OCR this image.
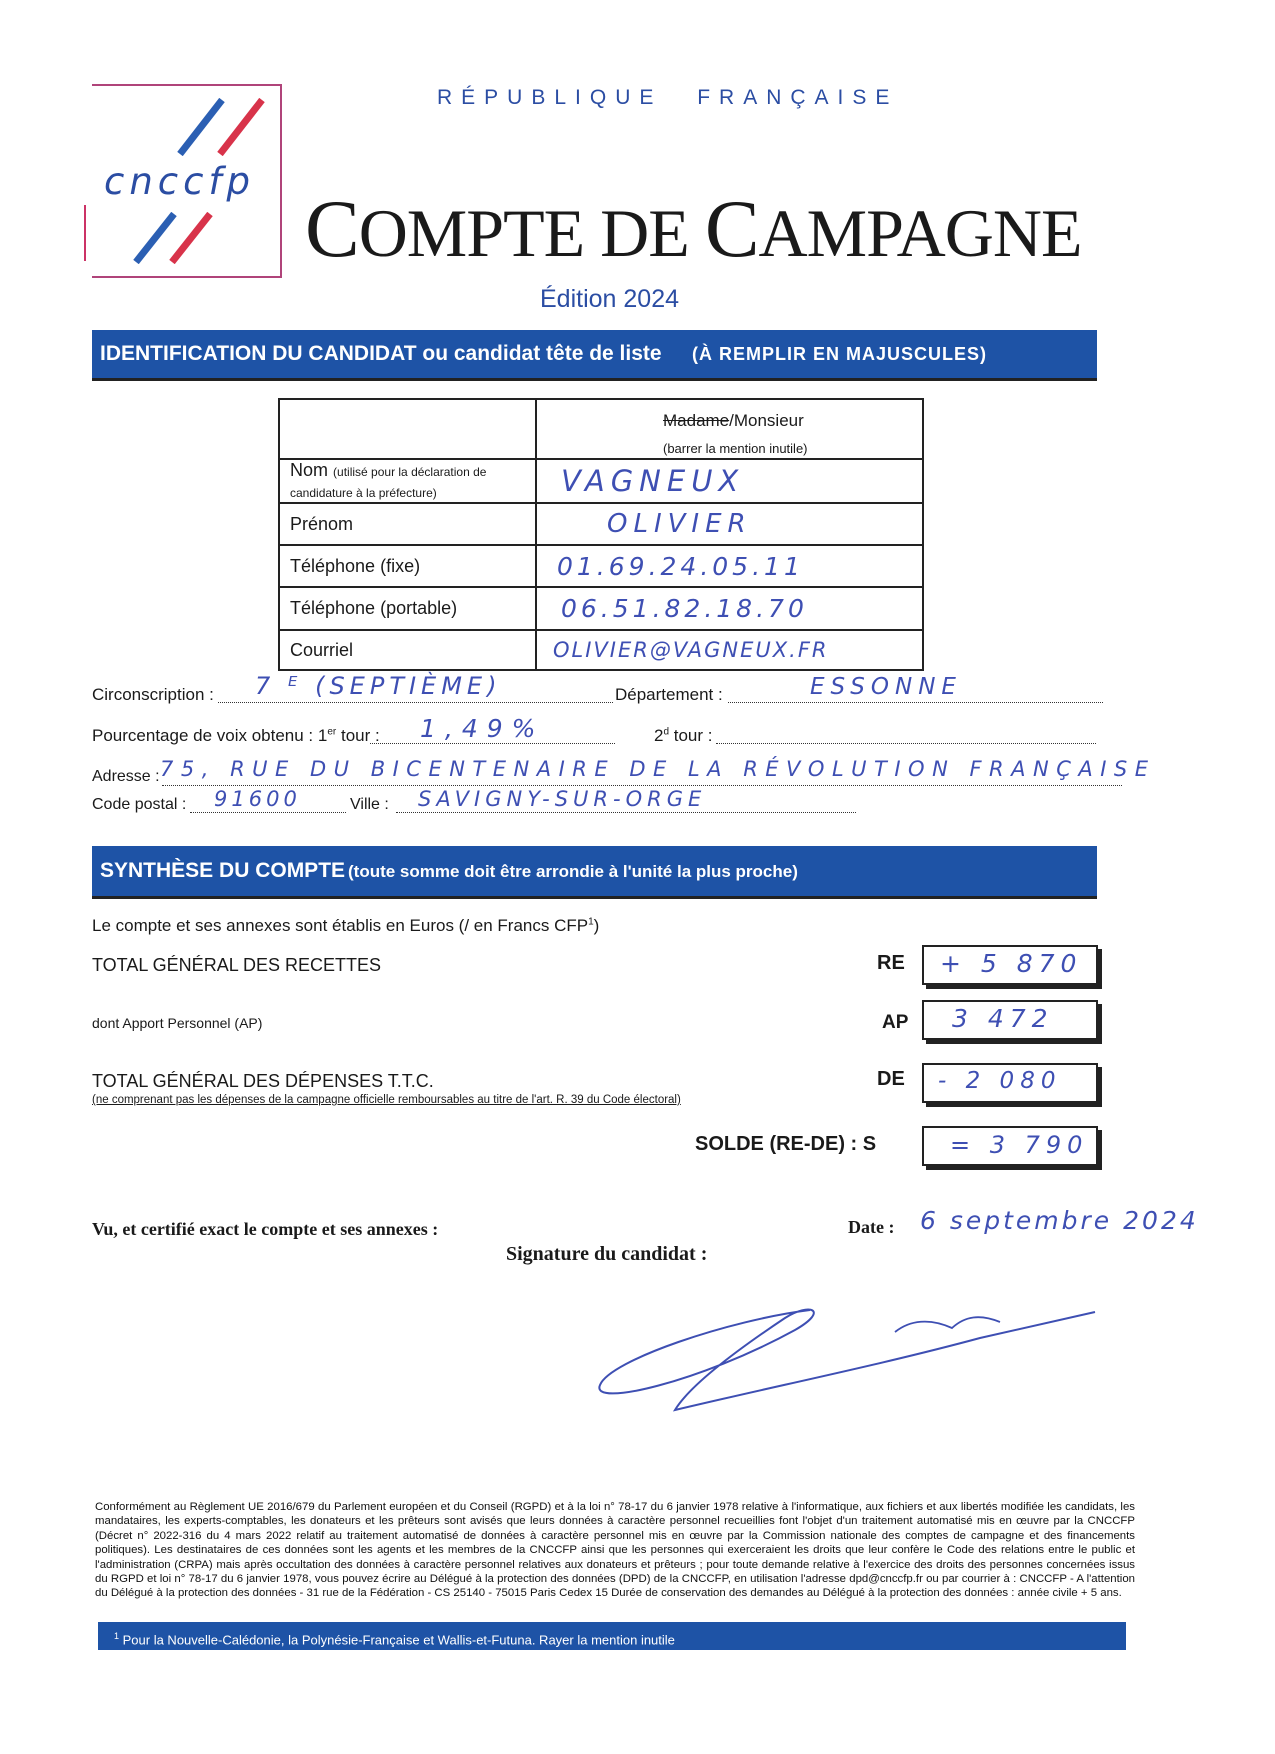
cnccfp
RÉPUBLIQUE FRANÇAISE
COMPTE DE CAMPAGNE
Édition 2024
IDENTIFICATION DU CANDIDAT ou candidat tête de liste (À REMPLIR EN MAJUSCULES)

	Madame/Monsieur
(barrer la mention inutile)

Nom (utilisé pour la déclaration de candidature à la préfecture)	VAGNEUX
Prénom	OLIVIER
Téléphone (fixe)	01.69.24.05.11
Téléphone (portable)	06.51.82.18.70
Courriel	OLIVIER@VAGNEUX.FR
Circonscription : 7 ᴱ (SEPTIÈME)	Département :	ESSONNE
Pourcentage de voix obtenu : 1er tour : 1,49%	2$^d$ tour :
Adresse : 75, RUE DU BICENTENAIRE DE LA RÉVOLUTION FRANÇAISE
Code postal : 91600	Ville : SAVIGNY-SUR-ORGE
SYNTHÈSE DU COMPTE (toute somme doit être arrondie à l'unité la plus proche)
Le compte et ses annexes sont établis en Euros (/ en Francs CFP$^1$)
TOTAL GÉNÉRAL DES RECETTES	RE + 5 870
dont Apport Personnel (AP)	AP 3 472
TOTAL GÉNÉRAL DES DÉPENSES T.T.C.
(ne comprenant pas les dépenses de la campagne officielle remboursables au titre de l'art. R. 39 du Code électoral)
DE - 2 080
SOLDE (RE-DE) : S	= 3 790
Vu, et certifié exact le compte et ses annexes :	Date : 6 septembre 2024
Signature du candidat :
Conformément au Règlement UE 2016/679 du Parlement européen et du Conseil (RGPD) et à la loi n° 78-17 du 6 janvier 1978 relative à l'informatique, aux fichiers et aux libertés modifiée les candidats, les mandataires, les experts-comptables, les donateurs et les prêteurs sont avisés que leurs données à caractère personnel recueillies font l'objet d'un traitement automatisé mis en œuvre par la CNCCFP (Décret n° 2022-316 du 4 mars 2022 relatif au traitement automatisé de données à caractère personnel mis en œuvre par la Commission nationale des comptes de campagne et des financements politiques). Les destinataires de ces données sont les agents et les membres de la CNCCFP ainsi que les personnes qui exerceraient les droits que leur confère le Code des relations entre le public et l'administration (CRPA) mais après occultation des données à caractère personnel relatives aux donateurs et prêteurs ; pour toute demande relative à l'exercice des droits des personnes concernées issus du RGPD et loi n° 78-17 du 6 janvier 1978, vous pouvez écrire au Délégué à la protection des données (DPD) de la CNCCFP, en utilisation l'adresse dpd@cnccfp.fr ou par courrier à : CNCCFP - A l'attention du Délégué à la protection des données - 31 rue de la Fédération - CS 25140 - 75015 Paris Cedex 15 Durée de conservation des demandes au Délégué à la protection des données : année civile + 5 ans.
$^1$ Pour la Nouvelle-Calédonie, la Polynésie-Française et Wallis-et-Futuna. Rayer la mention inutile
